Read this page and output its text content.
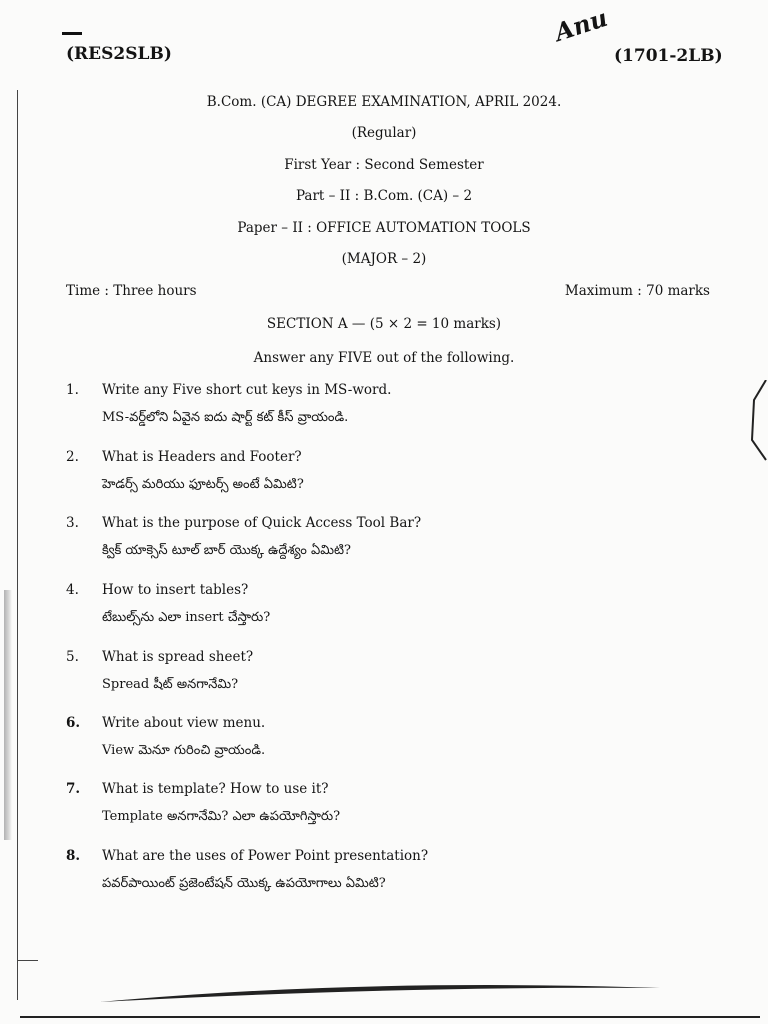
(RES2SLB)	(1701-2LB)
Anu
B.Com. (CA) DEGREE EXAMINATION, APRIL 2024.
(Regular)
First Year : Second Semester
Part – II : B.Com. (CA) – 2
Paper – II : OFFICE AUTOMATION TOOLS
(MAJOR – 2)
Time : Three hours	Maximum : 70 marks
SECTION A — (5 × 2 = 10 marks)
Answer any FIVE out of the following.
1. Write any Five short cut keys in MS-word.
MS-వర్డ్‌లోని ఏవైన ఐదు షార్ట్ కట్ కీస్ వ్రాయండి.
2. What is Headers and Footer?
హెడర్స్ మరియు ఫూటర్స్ అంటే ఏమిటి?
3. What is the purpose of Quick Access Tool Bar?
క్విక్ యాక్సెస్ టూల్ బార్ యొక్క ఉద్దేశ్యం ఏమిటి?
4. How to insert tables?
టేబుల్స్‌ను ఎలా insert చేస్తారు?
5. What is spread sheet?
Spread షీట్ అనగానేమి?
6. Write about view menu.
View మెనూ గురించి వ్రాయండి.
7. What is template? How to use it?
Template అనగానేమి? ఎలా ఉపయోగిస్తారు?
8. What are the uses of Power Point presentation?
పవర్‌పాయింట్ ప్రజెంటేషన్ యొక్క ఉపయోగాలు ఏమిటి?
